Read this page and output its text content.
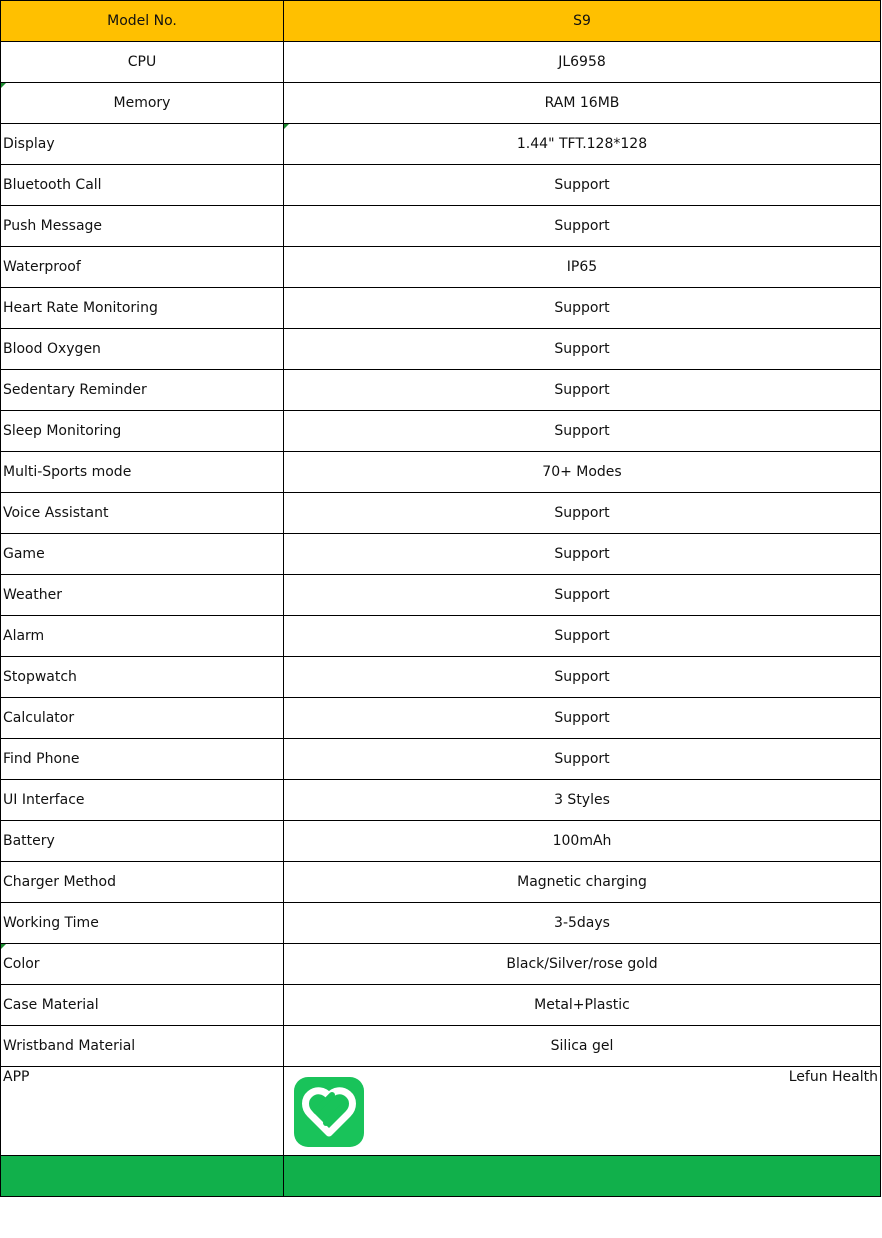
Model No.	S9
CPU	JL6958

Memory	RAM 16MB
Display	1.44" TFT.128*128
Bluetooth Call	Support
Push Message	Support
Waterproof	IP65
Heart Rate Monitoring	Support
Blood Oxygen	Support
Sedentary Reminder	Support
Sleep Monitoring	Support
Multi-Sports mode	70+ Modes
Voice Assistant	Support
Game	Support
Weather	Support
Alarm	Support
Stopwatch	Support
Calculator	Support
Find Phone	Support
UI Interface	3 Styles
Battery	100mAh
Charger Method	Magnetic charging
Working Time	3-5days

Color	Black/Silver/rose gold
Case Material	Metal+Plastic
Wristband Material	Silica gel
APP	Lefun Health
